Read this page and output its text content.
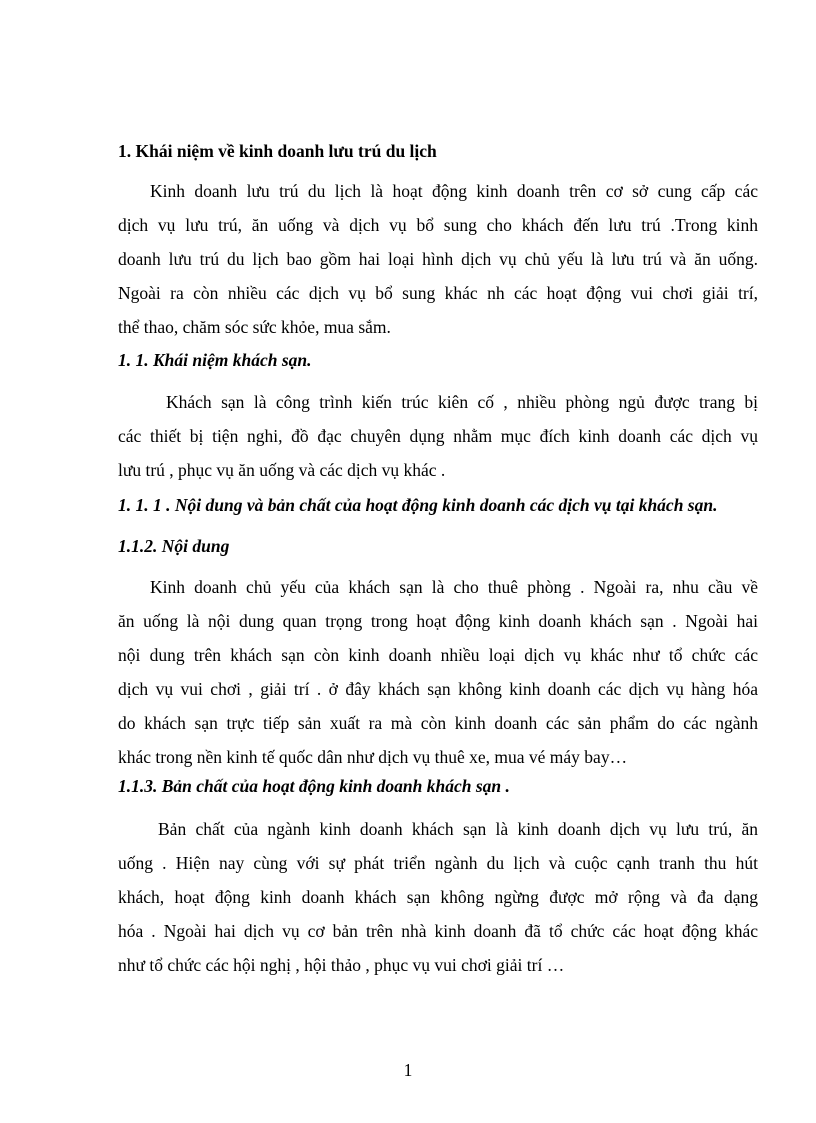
1. Khái niệm về kinh doanh lưu trú du lịch
Kinh doanh lưu trú du lịch là hoạt động kinh doanh trên cơ sở cung cấp các
dịch vụ lưu trú, ăn uống và dịch vụ bổ sung cho khách đến lưu trú .Trong kinh
doanh lưu trú du lịch bao gồm hai loại hình dịch vụ chủ yếu là lưu trú và ăn uống.
Ngoài ra còn nhiều các dịch vụ bổ sung khác nh các hoạt động vui chơi giải trí,
thể thao, chăm sóc sức khỏe, mua sắm.
1. 1. Khái niệm khách sạn.
Khách sạn là công trình kiến trúc kiên cố , nhiều phòng ngủ được trang bị
các thiết bị tiện nghi, đồ đạc chuyên dụng nhằm mục đích kinh doanh các dịch vụ
lưu trú , phục vụ ăn uống và các dịch vụ khác .
1. 1. 1 . Nội dung và bản chất của hoạt động kinh doanh các dịch vụ tại khách sạn.
1.1.2. Nội dung
Kinh doanh chủ yếu của khách sạn là cho thuê phòng . Ngoài ra, nhu cầu về
ăn uống là nội dung quan trọng trong hoạt động kinh doanh khách sạn . Ngoài hai
nội dung trên khách sạn còn kinh doanh nhiều loại dịch vụ khác như tổ chức các
dịch vụ vui chơi , giải trí . ở đây khách sạn không kinh doanh các dịch vụ hàng hóa
do khách sạn trực tiếp sản xuất ra mà còn kinh doanh các sản phẩm do các ngành
khác trong nền kinh tế quốc dân như dịch vụ thuê xe, mua vé máy bay…
1.1.3. Bản chất của hoạt động kinh doanh khách sạn .
Bản chất của ngành kinh doanh khách sạn là kinh doanh dịch vụ lưu trú, ăn
uống . Hiện nay cùng với sự phát triển ngành du lịch và cuộc cạnh tranh thu hút
khách, hoạt động kinh doanh khách sạn không ngừng được mở rộng và đa dạng
hóa . Ngoài hai dịch vụ cơ bản trên nhà kinh doanh đã tổ chức các hoạt động khác
như tổ chức các hội nghị , hội thảo , phục vụ vui chơi giải trí …
1
